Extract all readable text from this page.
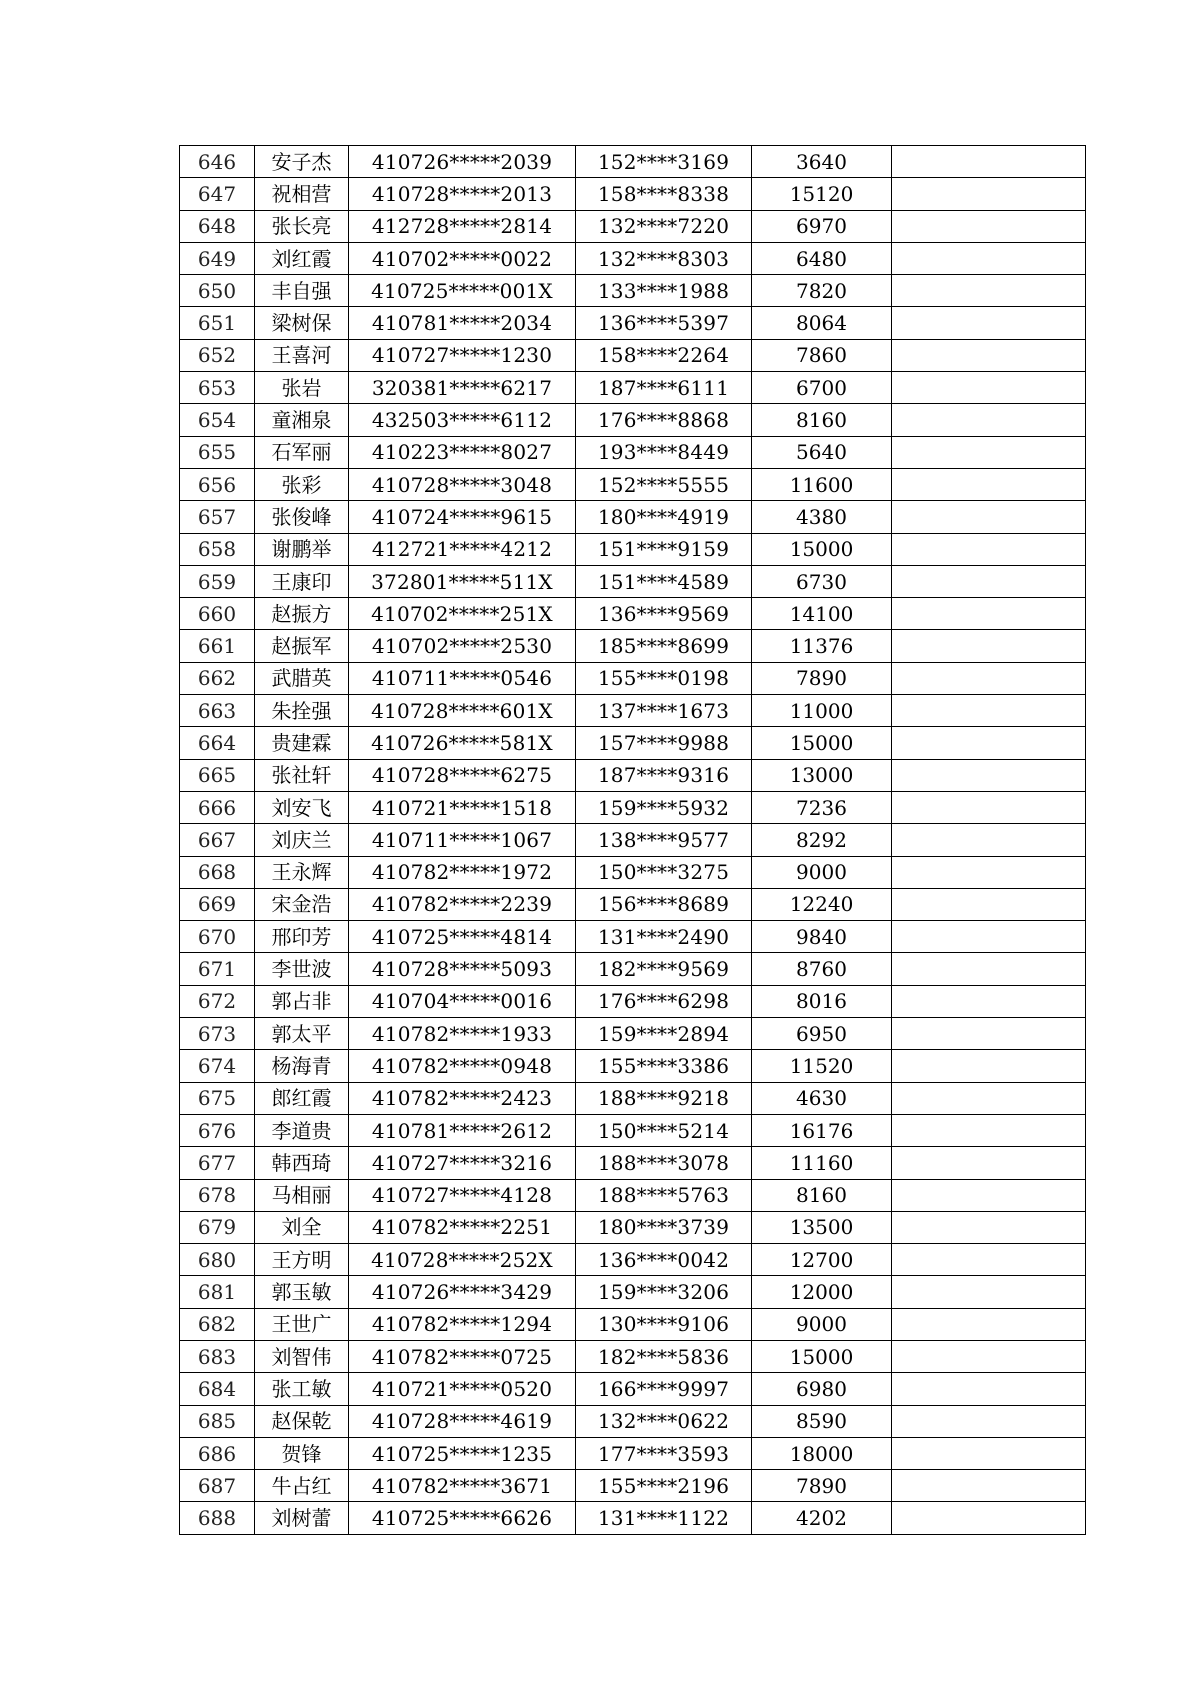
646	安子杰	410726*****2039	152****3169	3640	
647	祝相营	410728*****2013	158****8338	15120	
648	张长亮	412728*****2814	132****7220	6970	
649	刘红霞	410702*****0022	132****8303	6480	
650	丰自强	410725*****001X	133****1988	7820	
651	梁树保	410781*****2034	136****5397	8064	
652	王喜河	410727*****1230	158****2264	7860	
653	张岩	320381*****6217	187****6111	6700	
654	童湘泉	432503*****6112	176****8868	8160	
655	石军丽	410223*****8027	193****8449	5640	
656	张彩	410728*****3048	152****5555	11600	
657	张俊峰	410724*****9615	180****4919	4380	
658	谢鹏举	412721*****4212	151****9159	15000	
659	王康印	372801*****511X	151****4589	6730	
660	赵振方	410702*****251X	136****9569	14100	
661	赵振军	410702*****2530	185****8699	11376	
662	武腊英	410711*****0546	155****0198	7890	
663	朱拴强	410728*****601X	137****1673	11000	
664	贵建霖	410726*****581X	157****9988	15000	
665	张社轩	410728*****6275	187****9316	13000	
666	刘安飞	410721*****1518	159****5932	7236	
667	刘庆兰	410711*****1067	138****9577	8292	
668	王永辉	410782*****1972	150****3275	9000	
669	宋金浩	410782*****2239	156****8689	12240	
670	邢印芳	410725*****4814	131****2490	9840	
671	李世波	410728*****5093	182****9569	8760	
672	郭占非	410704*****0016	176****6298	8016	
673	郭太平	410782*****1933	159****2894	6950	
674	杨海青	410782*****0948	155****3386	11520	
675	郎红霞	410782*****2423	188****9218	4630	
676	李道贵	410781*****2612	150****5214	16176	
677	韩西琦	410727*****3216	188****3078	11160	
678	马相丽	410727*****4128	188****5763	8160	
679	刘全	410782*****2251	180****3739	13500	
680	王方明	410728*****252X	136****0042	12700	
681	郭玉敏	410726*****3429	159****3206	12000	
682	王世广	410782*****1294	130****9106	9000	
683	刘智伟	410782*****0725	182****5836	15000	
684	张工敏	410721*****0520	166****9997	6980	
685	赵保乾	410728*****4619	132****0622	8590	
686	贺锋	410725*****1235	177****3593	18000	
687	牛占红	410782*****3671	155****2196	7890	
688	刘树蕾	410725*****6626	131****1122	4202	
